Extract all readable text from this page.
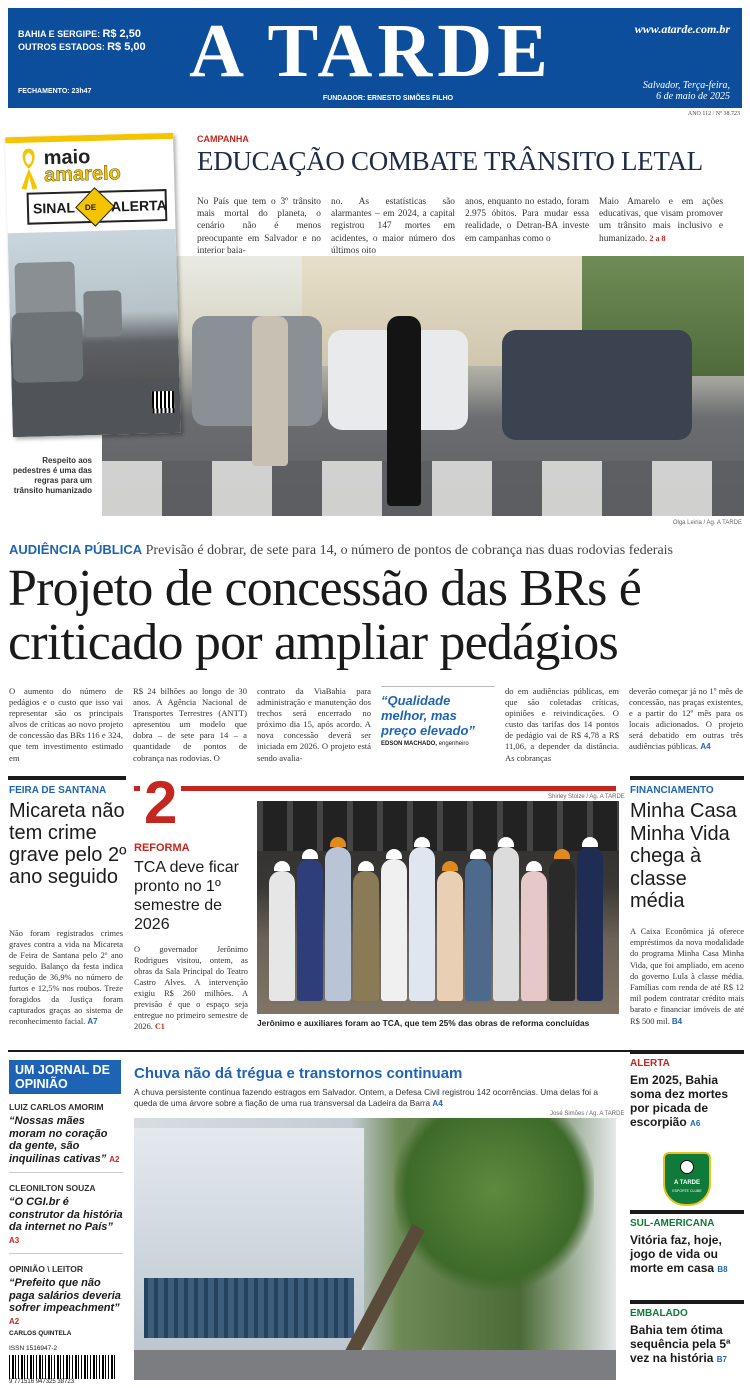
BAHIA E SERGIPE: R$ 2,50
OUTROS ESTADOS: R$ 5,00
FECHAMENTO: 23h47	A TARDE
FUNDADOR: ERNESTO SIMÕES FILHO
www.atarde.com.br
Salvador, Terça-feira,
6 de maio de 2025
ANO 112 / Nº 38.723
maio
amarelo
SINAL DE ALERTA
CAMPANHA
EDUCAÇÃO COMBATE TRÂNSITO LETAL
No País que tem o 3º trânsito mais mortal do planeta, o cenário não é menos preocupante em Salvador e no interior baia-
no. As estatísticas são alarmantes – em 2024, a capital registrou 147 mortes em acidentes, o maior número dos últimos oito
anos, enquanto no estado, foram 2.975 óbitos. Para mudar essa realidade, o Detran-BA investe em campanhas como o
Maio Amarelo e em ações educativas, que visam promover um trânsito mais inclusivo e humanizado. 2 a 8
Respeito aos pedestres é uma das regras para um trânsito humanizado
Olga Leiria / Ag. A TARDE
AUDIÊNCIA PÚBLICA Previsão é dobrar, de sete para 14, o número de pontos de cobrança nas duas rodovias federais
Projeto de concessão das BRs é
criticado por ampliar pedágios
O aumento do número de pedágios e o custo que isso vai representar são os principais alvos de críticas ao novo projeto de concessão das BRs 116 e 324, que tem investimento estimado em
R$ 24 bilhões ao longo de 30 anos. A Agência Nacional de Transportes Terrestres (ANTT) apresentou um modelo que dobra – de sete para 14 – a quantidade de pontos de cobrança nas rodovias. O
contrato da ViaBahia para administração e manutenção dos trechos será encerrado no próximo dia 15, após acordo. A nova concessão deverá ser iniciada em 2026. O projeto está sendo avalia-
“Qualidade melhor, mas preço elevado”
EDSON MACHADO, engenheiro
do em audiências públicas, em que são coletadas críticas, opiniões e reivindicações. O custo das tarifas dos 14 pontos de pedágio vai de R$ 4,78 a R$ 11,06, a depender da distância. As cobranças
deverão começar já no 1º mês de concessão, nas praças existentes, e a partir do 12º mês para os locais adicionados. O projeto será debatido em outras três audiências públicas. A4
FEIRA DE SANTANA
Micareta não tem crime grave pelo 2º ano seguido
Não foram registrados crimes graves contra a vida na Micareta de Feira de Santana pelo 2º ano seguido. Balanço da festa indica redução de 36,9% no número de furtos e 12,5% nos roubos. Treze foragidos da Justiça foram capturados graças ao sistema de reconhecimento facial. A7
2	Shirley Stolze / Ag. A TARDE
REFORMA
TCA deve ficar pronto no 1º semestre de 2026
O governador Jerônimo Rodrigues visitou, ontem, as obras da Sala Principal do Teatro Castro Alves. A intervenção exigiu R$ 260 milhões. A previsão é que o espaço seja entregue no primeiro semestre de 2026. C1	Jerônimo e auxiliares foram ao TCA, que tem 25% das obras de reforma concluídas
FINANCIAMENTO
Minha Casa Minha Vida chega à classe média
A Caixa Econômica já oferece empréstimos da nova modalidade do programa Minha Casa Minha Vida, que foi ampliado, em aceno do governo Lula à classe média. Famílias com renda de até R$ 12 mil podem contratar crédito mais barato e financiar imóveis de até R$ 500 mil. B4
UM JORNAL DE OPINIÃO
LUIZ CARLOS AMORIM
“Nossas mães moram no coração da gente, são inquilinas cativas” A2
CLEONILTON SOUZA
“O CGI.br é construtor da história da internet no País” A3
OPINIÃO \ LEITOR
“Prefeito que não paga salários deveria sofrer impeachment” A2
CARLOS QUINTELA
ISSN 1516947-2
9 771516 947325 38723
Chuva não dá trégua e transtornos continuam
A chuva persistente continua fazendo estragos em Salvador. Ontem, a Defesa Civil registrou 142 ocorrências. Uma delas foi a queda de uma árvore sobre a fiação de uma rua transversal da Ladeira da Barra A4
José Simões / Ag. A TARDE
ALERTA
Em 2025, Bahia soma dez mortes por picada de escorpião A6
SUL-AMERICANA
Vitória faz, hoje, jogo de vida ou morte em casa B8
EMBALADO
Bahia tem ótima sequência pela 5ª vez na história B7
A TARDE
ESPORTE CLUBE
